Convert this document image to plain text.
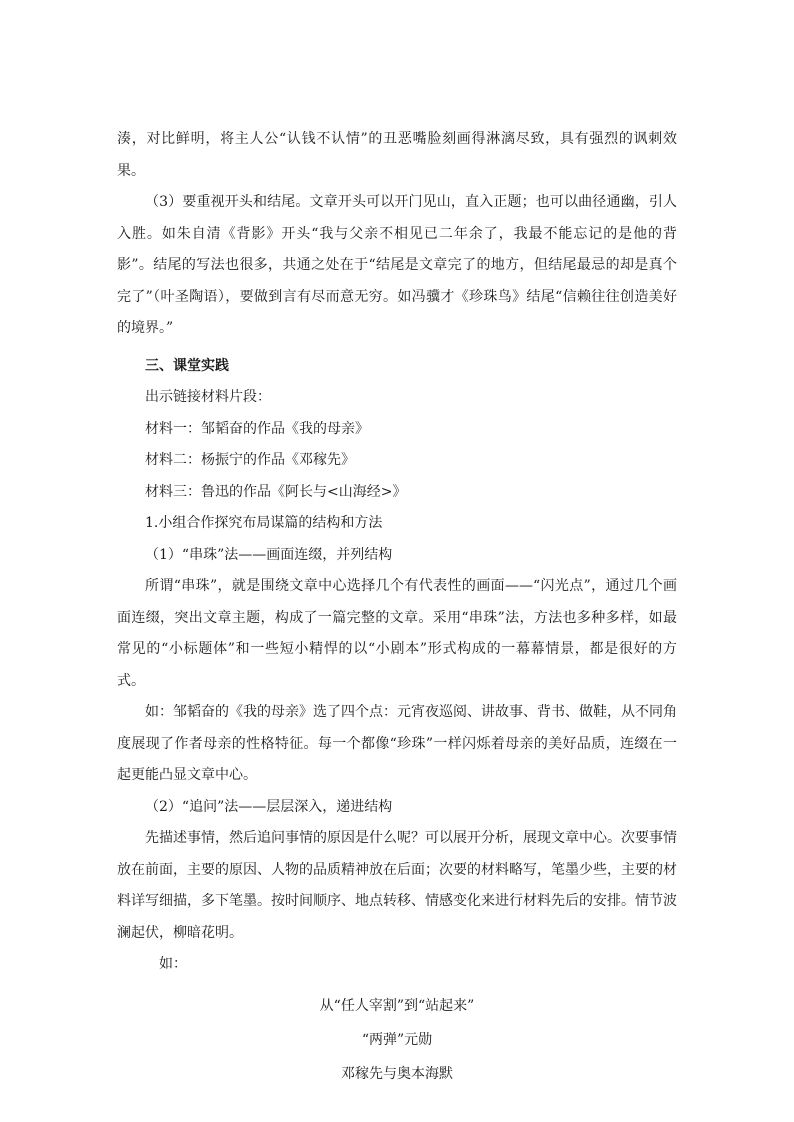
湊，对比鲜明，将主人公“认钱不认情”的丑恶嘴脸刻画得淋漓尽致，具有强烈的讽刺效果。

（3）要重视开头和结尾。文章开头可以开门见山，直入正题；也可以曲径通幽，引人入胜。如朱自清《背影》开头“我与父亲不相见已二年余了，我最不能忘记的是他的背影”。结尾的写法也很多，共通之处在于“结尾是文章完了的地方，但结尾最忌的却是真个完了”（叶圣陶语），要做到言有尽而意无穷。如冯骥才《珍珠鸟》结尾“信赖往往创造美好的境界。”

三、课堂实践

出示链接材料片段：

材料一：邹韬奋的作品《我的母亲》

材料二：杨振宁的作品《邓稼先》

材料三：鲁迅的作品《阿长与<山海经>》

1.小组合作探究布局谋篇的结构和方法

（1）“串珠”法——画面连缀，并列结构

所谓“串珠”，就是围绕文章中心选择几个有代表性的画面——“闪光点”，通过几个画面连缀，突出文章主题，构成了一篇完整的文章。采用“串珠”法，方法也多种多样，如最常见的“小标题体”和一些短小精悍的以“小剧本”形式构成的一幕幕情景，都是很好的方式。

如：邹韬奋的《我的母亲》选了四个点：元宵夜巡阅、讲故事、背书、做鞋，从不同角度展现了作者母亲的性格特征。每一个都像“珍珠”一样闪烁着母亲的美好品质，连缀在一起更能凸显文章中心。

（2）“追问”法——层层深入，递进结构

先描述事情，然后追问事情的原因是什么呢？可以展开分析，展现文章中心。次要事情放在前面，主要的原因、人物的品质精神放在后面；次要的材料略写，笔墨少些，主要的材料详写细描，多下笔墨。按时间顺序、地点转移、情感变化来进行材料先后的安排。情节波澜起伏，柳暗花明。

如：

从“任人宰割”到“站起来”

“两弹”元勋

邓稼先与奥本海默
